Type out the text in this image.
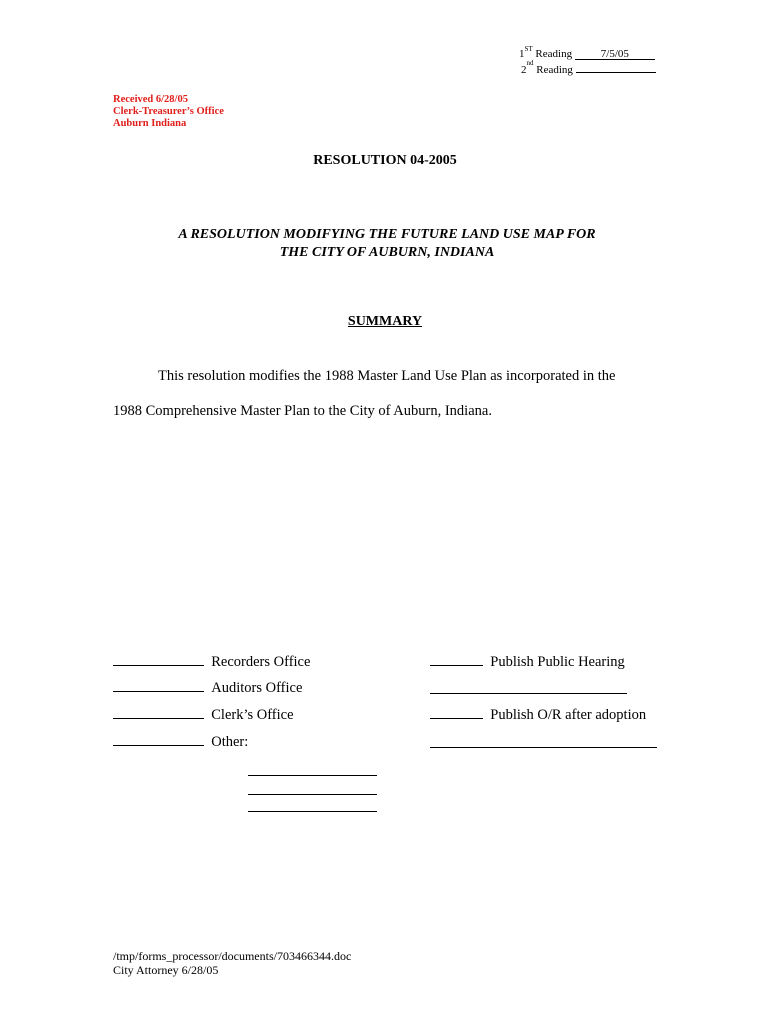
1ST Reading	7/5/05
2nd Reading
Received 6/28/05
Clerk-Treasurer’s Office
Auburn Indiana
RESOLUTION 04-2005
A RESOLUTION MODIFYING THE FUTURE LAND USE MAP FOR
THE CITY OF AUBURN, INDIANA
SUMMARY
This resolution modifies the 1988 Master Land Use Plan as incorporated in the
1988 Comprehensive Master Plan to the City of Auburn, Indiana.
Recorders Office
Auditors Office
Clerk’s Office
Other:
Publish Public Hearing
Publish O/R after adoption
/tmp/forms_processor/documents/703466344.doc
City Attorney 6/28/05
